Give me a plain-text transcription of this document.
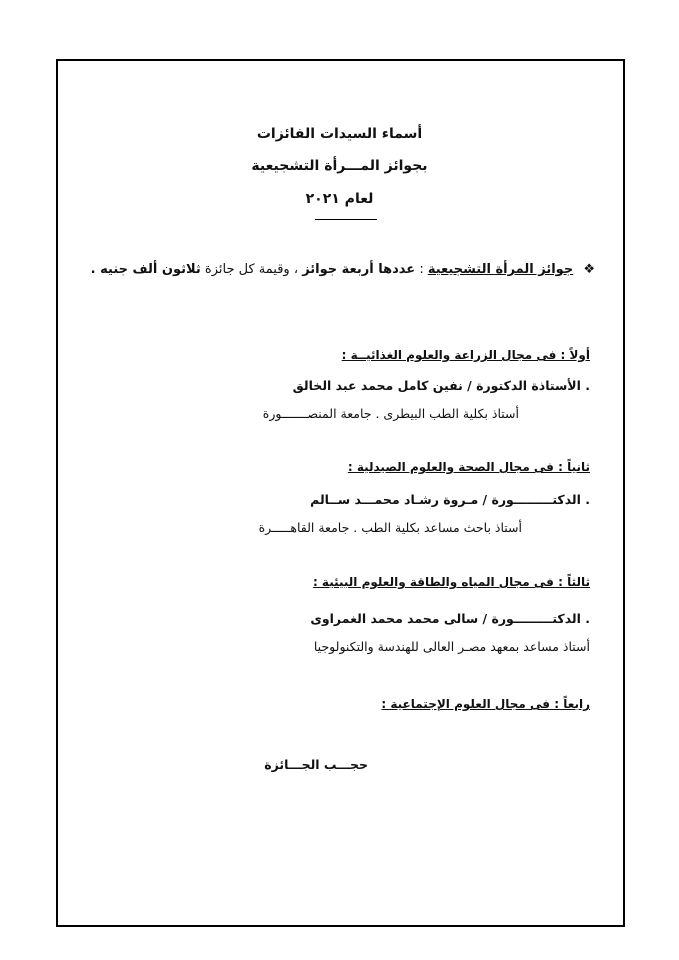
أسماء السيدات الفائزات
بجوائز المـــرأة التشجيعية
لعام ٢٠٢١
❖ جوائز المرأة التشجيعية : عددها أربعة جوائز ، وقيمة كل جائزة ثلاثون ألف جنيه .
أولاً : فى مجال الزراعة والعلوم الغذائيــة :
. الأستاذة الدكتورة / نفين كامل محمد عبد الخالق
أستاذ بكلية الطب البيطرى . جامعة المنصـــــــورة
ثانياً : فى مجال الصحة والعلوم الصيدلية :
. الدكتـــــــــورة / مـروة رشـاد محمـــد ســالم
أستاذ باحث مساعد بكلية الطب . جامعة القاهـــــرة
ثالثاً : فى مجال المياه والطاقة والعلوم البيئية :
. الدكتـــــــــورة / سالى محمد محمد الغمراوى
أستاذ مساعد بمعهد مصـر العالى للهندسة والتكنولوجيا
رابعاً : فى مجال العلوم الإجتماعية :
حجـــب الجـــائزة
